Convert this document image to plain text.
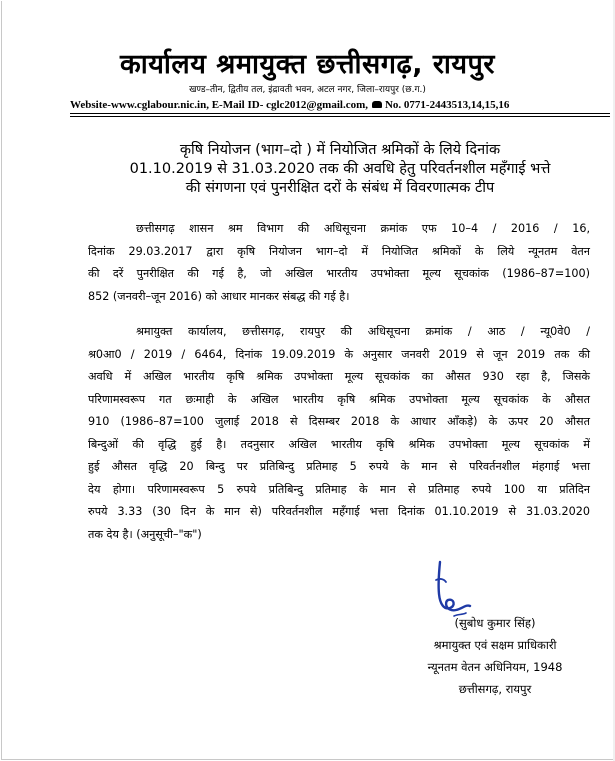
कार्यालय श्रमायुक्त छत्तीसगढ़, रायपुर
खण्ड–तीन, द्वितीय तल, इंद्रावती भवन, अटल नगर, जिला–रायपुर (छ.ग.)
Website-www.cglabour.nic.in, E-Mail ID- cglc2012@gmail.com, No. 0771-2443513,14,15,16
कृषि नियोजन (भाग–दो ) में नियोजित श्रमिकों के लिये दिनांक
01.10.2019 से 31.03.2020 तक की अवधि हेतु परिवर्तनशील महँगाई भत्ते
की संगणना एवं पुनरीक्षित दरों के संबंध में विवरणात्मक टीप
छत्तीसगढ़ शासन श्रम विभाग की अधिसूचना क्रमांक एफ 10–4 / 2016 / 16,
दिनांक 29.03.2017 द्वारा कृषि नियोजन भाग–दो में नियोजित श्रमिकों के लिये न्यूनतम वेतन
की दरें पुनरीक्षित की गई है, जो अखिल भारतीय उपभोक्ता मूल्य सूचकांक (1986–87=100)
852 (जनवरी–जून 2016) को आधार मानकर संबद्ध की गई है।
श्रमायुक्त कार्यालय, छत्तीसगढ़, रायपुर की अधिसूचना क्रमांक / आठ / न्यू0वे0 /
श्र0आ0 / 2019 / 6464, दिनांक 19.09.2019 के अनुसार जनवरी 2019 से जून 2019 तक की
अवधि में अखिल भारतीय कृषि श्रमिक उपभोक्ता मूल्य सूचकांक का औसत 930 रहा है, जिसके
परिणामस्वरूप गत छःमाही के अखिल भारतीय कृषि श्रमिक उपभोक्ता मूल्य सूचकांक के औसत
910 (1986–87=100 जुलाई 2018 से दिसम्बर 2018 के आधार ऑंकड़े) के ऊपर 20 औसत
बिन्दुओं की वृद्धि हुई है। तदनुसार अखिल भारतीय कृषि श्रमिक उपभोक्ता मूल्य सूचकांक में
हुई औसत वृद्धि 20 बिन्दु पर प्रतिबिन्दु प्रतिमाह 5 रुपये के मान से परिवर्तनशील मंहगाई भत्ता
देय होगा। परिणामस्वरूप 5 रुपये प्रतिबिन्दु प्रतिमाह के मान से प्रतिमाह रुपये 100 या प्रतिदिन
रुपये 3.33 (30 दिन के मान से) परिवर्तनशील महँगाई भत्ता दिनांक 01.10.2019 से 31.03.2020
तक देय है। (अनुसूची–"क")
(सुबोध कुमार सिंह)
श्रमायुक्त एवं सक्षम प्राधिकारी
न्यूनतम वेतन अधिनियम, 1948
छत्तीसगढ़, रायपुर
